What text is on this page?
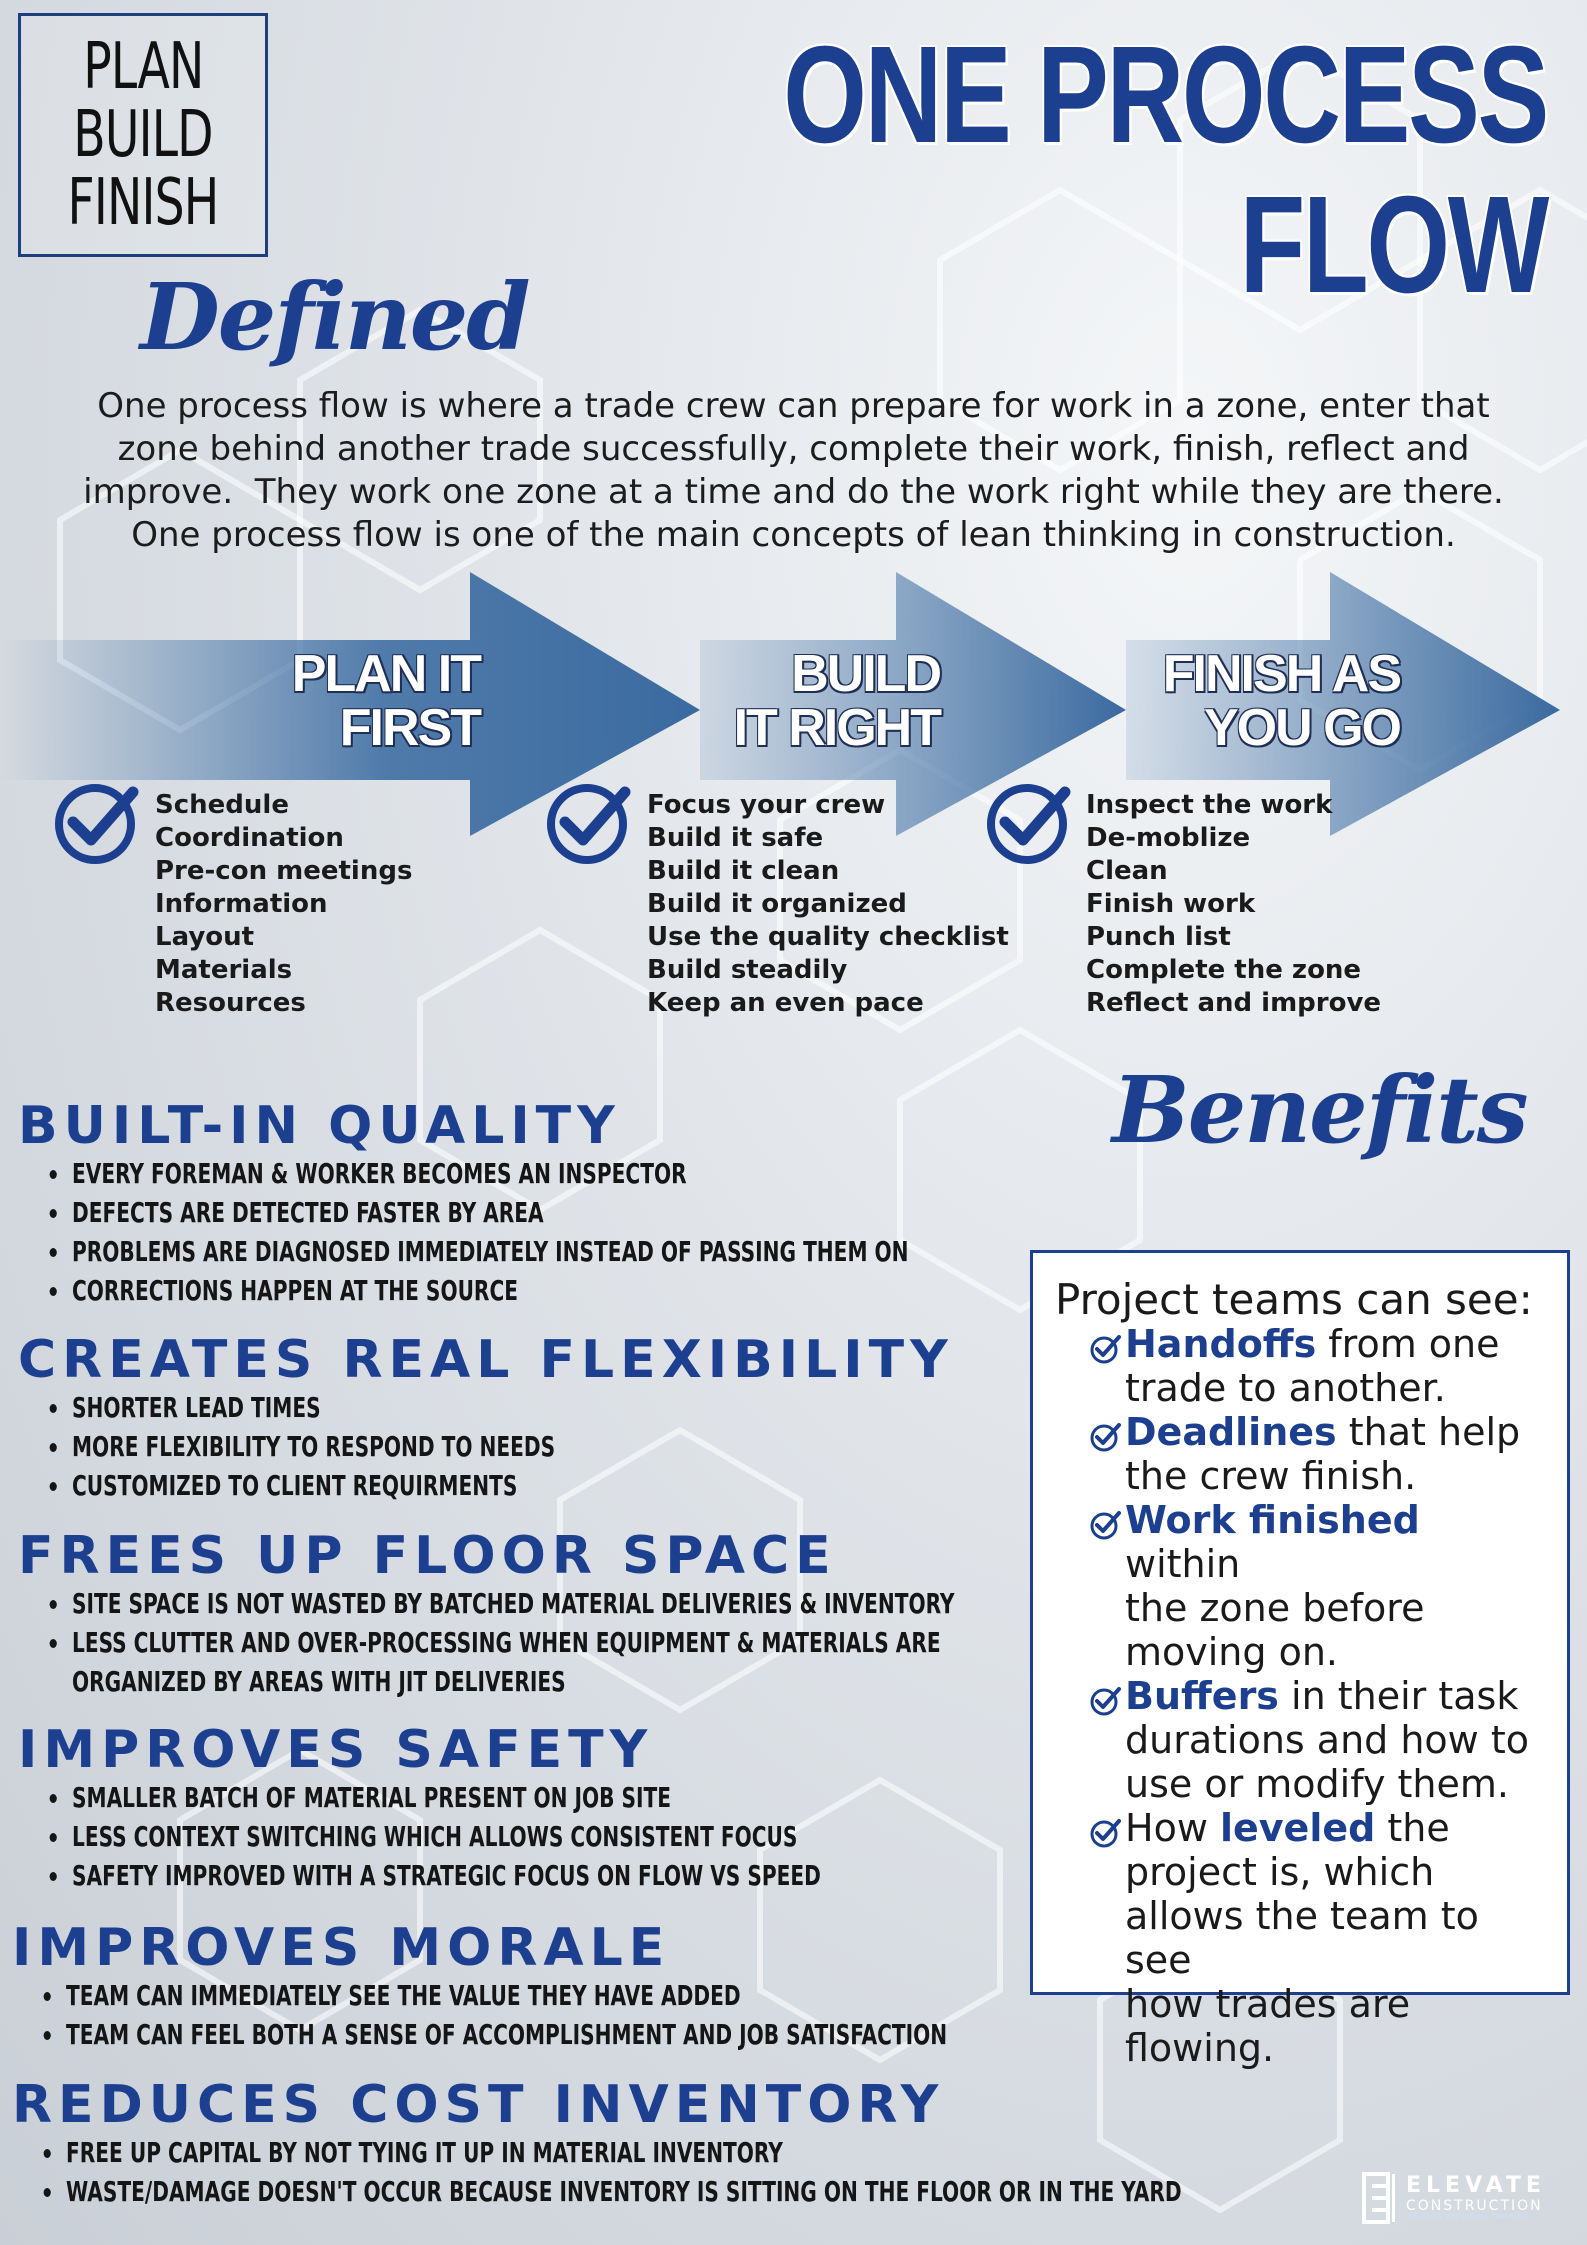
PLAN
BUILD
FINISH
ONE PROCESS FLOW
Defined
One process flow is where a trade crew can prepare for work in a zone, enter that
zone behind another trade successfully, complete their work, finish, reflect and
improve.  They work one zone at a time and do the work right while they are there.
One process flow is one of the main concepts of lean thinking in construction.
PLAN IT
FIRST
BUILD
IT RIGHT
FINISH AS
YOU GO
Schedule
Coordination
Pre-con meetings
Information
Layout
Materials
Resources
Focus your crew
Build it safe
Build it clean
Build it organized
Use the quality checklist
Build steadily
Keep an even pace
Inspect the work
De-moblize
Clean
Finish work
Punch list
Complete the zone
Reflect and improve
Benefits
BUILT-IN QUALITY
EVERY FOREMAN & WORKER BECOMES AN INSPECTOR
DEFECTS ARE DETECTED FASTER BY AREA
PROBLEMS ARE DIAGNOSED IMMEDIATELY INSTEAD OF PASSING THEM ON
CORRECTIONS HAPPEN AT THE SOURCE
CREATES REAL FLEXIBILITY
SHORTER LEAD TIMES
MORE FLEXIBILITY TO RESPOND TO NEEDS
CUSTOMIZED TO CLIENT REQUIRMENTS
FREES UP FLOOR SPACE
SITE SPACE IS NOT WASTED BY BATCHED MATERIAL DELIVERIES & INVENTORY
LESS CLUTTER AND OVER-PROCESSING WHEN EQUIPMENT & MATERIALS ARE
ORGANIZED BY AREAS WITH JIT DELIVERIES
IMPROVES SAFETY
SMALLER BATCH OF MATERIAL PRESENT ON JOB SITE
LESS CONTEXT SWITCHING WHICH ALLOWS CONSISTENT FOCUS
SAFETY IMPROVED WITH A STRATEGIC FOCUS ON FLOW VS SPEED
IMPROVES MORALE
TEAM CAN IMMEDIATELY SEE THE VALUE THEY HAVE ADDED
TEAM CAN FEEL BOTH A SENSE OF ACCOMPLISHMENT AND JOB SATISFACTION
REDUCES COST INVENTORY
FREE UP CAPITAL BY NOT TYING IT UP IN MATERIAL INVENTORY
WASTE/DAMAGE DOESN'T OCCUR BECAUSE INVENTORY IS SITTING ON THE FLOOR OR IN THE YARD
Project teams can see:

Handoffs from one
trade to another.

Deadlines that help
the crew finish.

Work finished within
the zone before
moving on.

Buffers in their task
durations and how to
use or modify them.

How leveled the
project is, which
allows the team to see
how trades are
flowing.

ELEVATE
CONSTRUCTION
INSIGHTS SOLUTIONS TRAINING
